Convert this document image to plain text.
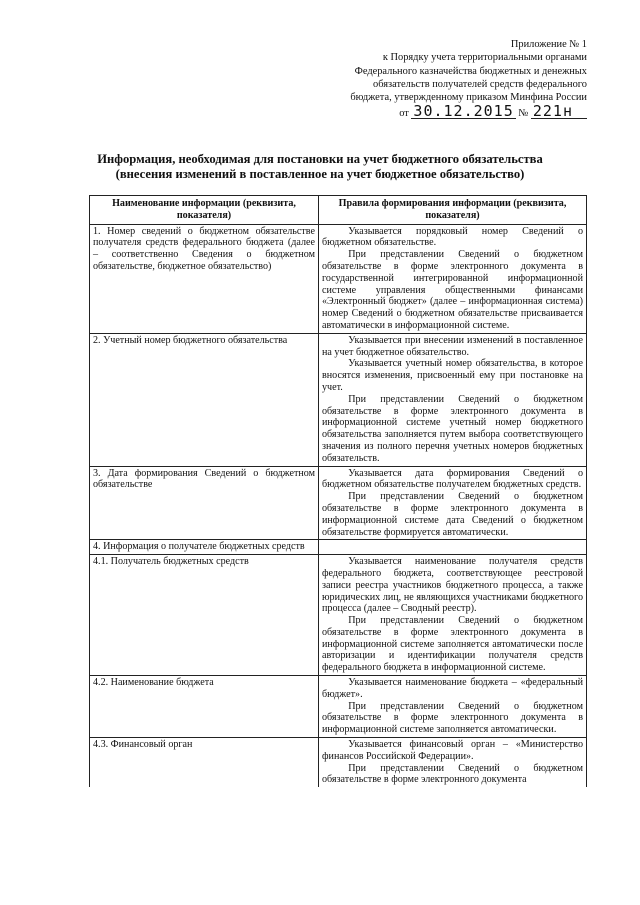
Приложение № 1
к Порядку учета территориальными органами
Федерального казначейства бюджетных и денежных
обязательств получателей средств федерального
бюджета, утвержденному приказом Минфина России
от 30.12.2015 № 221н
Информация, необходимая для постановки на учет бюджетного обязательства
(внесения изменений в поставленное на учет бюджетное обязательство)
Наименование информации (реквизита, показателя)	Правила формирования информации (реквизита, показателя)
1. Номер сведений о бюджетном обязательстве получателя средств федерального бюджета (далее – соответственно Сведения о бюджетном обязательстве, бюджетное обязательство)	Указывается порядковый номер Сведений о бюджетном обязательстве.

При представлении Сведений о бюджетном обязательстве в форме электронного документа в государственной интегрированной информационной системе управления общественными финансами «Электронный бюджет» (далее – информационная система) номер Сведений о бюджетном обязательстве присваивается автоматически в информационной системе.

2. Учетный номер бюджетного обязательства	Указывается при внесении изменений в поставленное на учет бюджетное обязательство.

Указывается учетный номер обязательства, в которое вносятся изменения, присвоенный ему при постановке на учет.

При представлении Сведений о бюджетном обязательстве в форме электронного документа в информационной системе учетный номер бюджетного обязательства заполняется путем выбора соответствующего значения из полного перечня учетных номеров бюджетных обязательств.

3. Дата формирования Сведений о бюджетном обязательстве	Указывается дата формирования Сведений о бюджетном обязательстве получателем бюджетных средств.

При представлении Сведений о бюджетном обязательстве в форме электронного документа в информационной системе дата Сведений о бюджетном обязательстве формируется автоматически.

4. Информация о получателе бюджетных средств	
4.1. Получатель бюджетных средств	Указывается наименование получателя средств федерального бюджета, соответствующее реестровой записи реестра участников бюджетного процесса, а также юридических лиц, не являющихся участниками бюджетного процесса (далее – Сводный реестр).

При представлении Сведений о бюджетном обязательстве в форме электронного документа в информационной системе заполняется автоматически после авторизации и идентификации получателя средств федерального бюджета в информационной системе.

4.2. Наименование бюджета	Указывается наименование бюджета – «федеральный бюджет».

При представлении Сведений о бюджетном обязательстве в форме электронного документа в информационной системе заполняется автоматически.

4.3. Финансовый орган	Указывается финансовый орган – «Министерство финансов Российской Федерации».

При представлении Сведений о бюджетном обязательстве в форме электронного документа
